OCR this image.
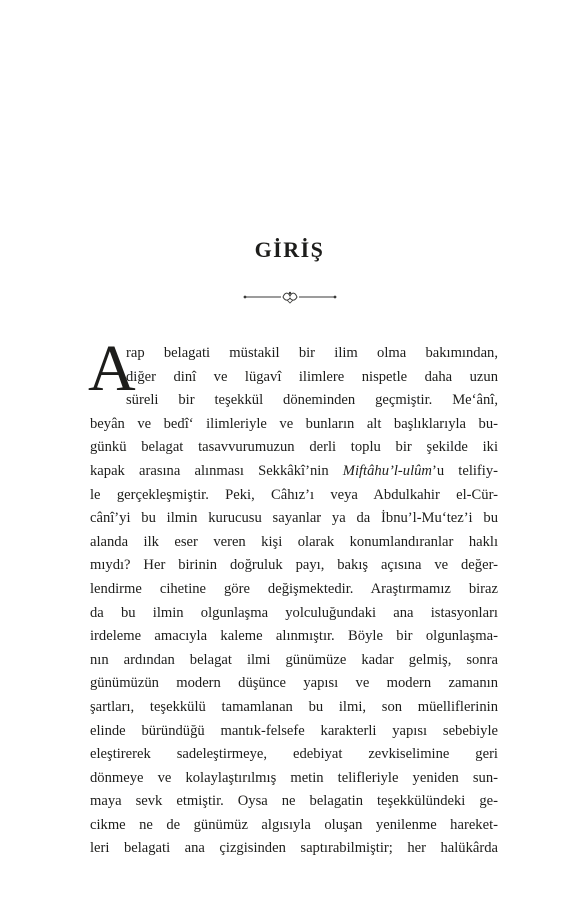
GİRİŞ
A
rap belagati müstakil bir ilim olma bakımından,
diğer dinî ve lügavî ilimlere nispetle daha uzun
süreli bir teşekkül döneminden geçmiştir. Me‘ânî,
beyân ve bedî‘ ilimleriyle ve bunların alt başlıklarıyla bu-
günkü belagat tasavvurumuzun derli toplu bir şekilde iki
kapak arasına alınması Sekkâkî’nin Miftâhu’l-ulûm’u telifiy-
le gerçekleşmiştir. Peki, Câhız’ı veya Abdulkahir el-Cür-
cânî’yi bu ilmin kurucusu sayanlar ya da İbnu’l-Mu‘tez’i bu
alanda ilk eser veren kişi olarak konumlandıranlar haklı
mıydı? Her birinin doğruluk payı, bakış açısına ve değer-
lendirme cihetine göre değişmektedir. Araştırmamız biraz
da bu ilmin olgunlaşma yolculuğundaki ana istasyonları
irdeleme amacıyla kaleme alınmıştır. Böyle bir olgunlaşma-
nın ardından belagat ilmi günümüze kadar gelmiş, sonra
günümüzün modern düşünce yapısı ve modern zamanın
şartları, teşekkülü tamamlanan bu ilmi, son müelliflerinin
elinde büründüğü mantık-felsefe karakterli yapısı sebebiyle
eleştirerek sadeleştirmeye, edebiyat zevkiselimine geri
dönmeye ve kolaylaştırılmış metin telifleriyle yeniden sun-
maya sevk etmiştir. Oysa ne belagatin teşekkülündeki ge-
cikme ne de günümüz algısıyla oluşan yenilenme hareket-
leri belagati ana çizgisinden saptırabilmiştir; her halükârda
